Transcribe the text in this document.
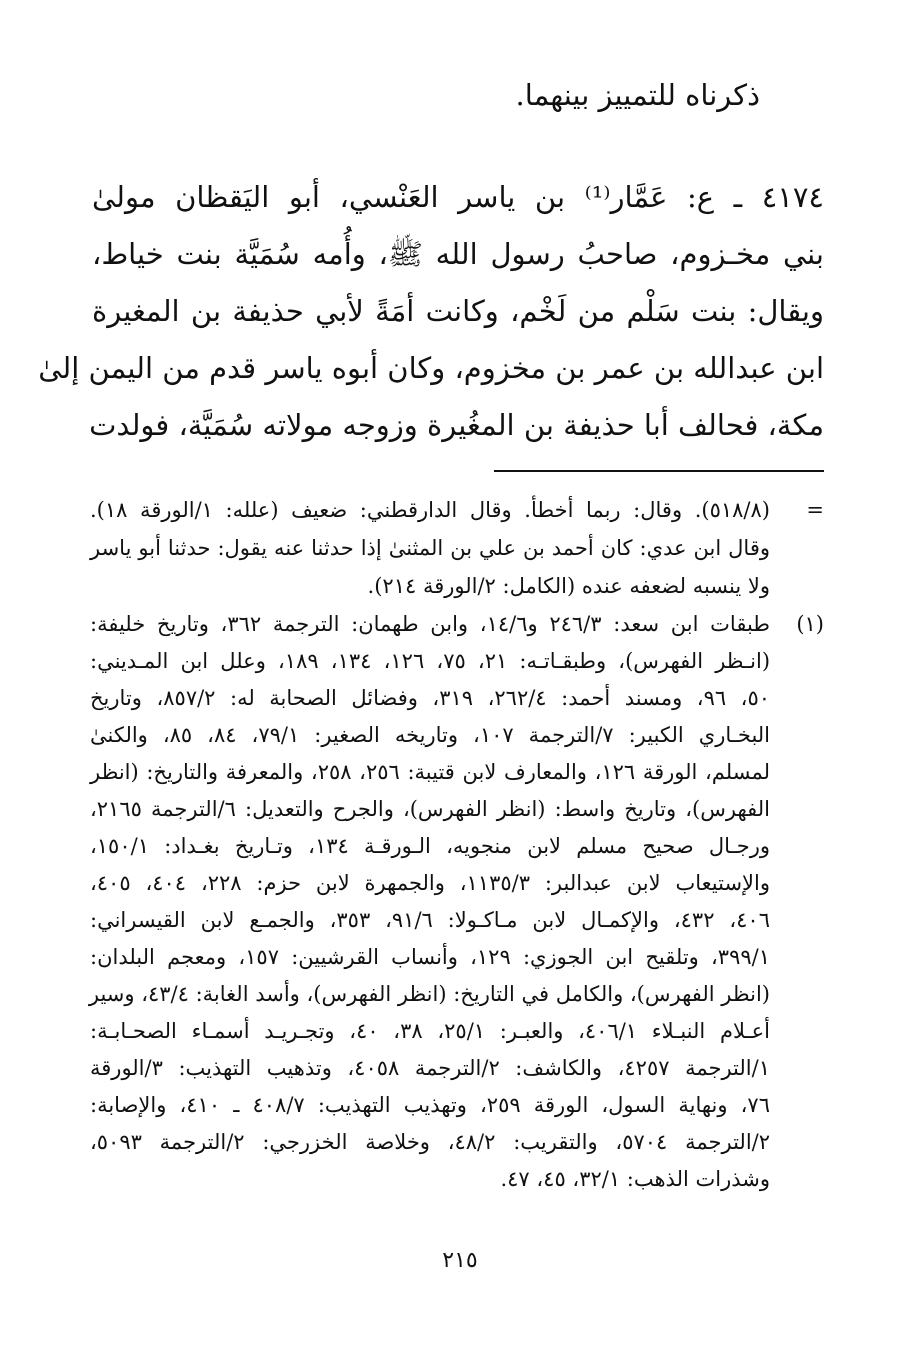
ذكرناه للتمييز بينهما.
٤١٧٤ ـ ع: عَمَّار⁽¹⁾ بن ياسر العَنْسي، أبو اليَقظان مولىٰ
بني مخـزوم، صاحبُ رسول الله ﷺ، وأُمه سُمَيَّة بنت خياط،
ويقال: بنت سَلْم من لَخْم، وكانت أمَةً لأبي حذيفة بن المغيرة
ابن عبدالله بن عمر بن مخزوم، وكان أبوه ياسر قدم من اليمن إلىٰ
مكة، فحالف أبا حذيفة بن المغُيرة وزوجه مولاته سُمَيَّة، فولدت
=
(٥١٨/٨). وقال: ربما أخطأ. وقال الدارقطني: ضعيف (علله: ١/الورقة ١٨).
وقال ابن عدي: كان أحمد بن علي بن المثنىٰ إذا حدثنا عنه يقول: حدثنا أبو ياسر
ولا ينسبه لضعفه عنده (الكامل: ٢/الورقة ٢١٤).
(١)
طبقات ابن سعد: ٢٤٦/٣ و١٤/٦، وابن طهمان: الترجمة ٣٦٢، وتاريخ خليفة:
(انـظر الفهرس)، وطبقـاتـه: ٢١، ٧٥، ١٢٦، ١٣٤، ١٨٩، وعلل ابن المـديني:
٥٠، ٩٦، ومسند أحمد: ٢٦٢/٤، ٣١٩، وفضائل الصحابة له: ٨٥٧/٢، وتاريخ
البخـاري الكبير: ٧/الترجمة ١٠٧، وتاريخه الصغير: ٧٩/١، ٨٤، ٨٥، والكنىٰ
لمسلم، الورقة ١٢٦، والمعارف لابن قتيبة: ٢٥٦، ٢٥٨، والمعرفة والتاريخ: (انظر
الفهرس)، وتاريخ واسط: (انظر الفهرس)، والجرح والتعديل: ٦/الترجمة ٢١٦٥،
ورجـال صحيح مسلم لابن منجويه، الـورقـة ١٣٤، وتـاريخ بغـداد: ١٥٠/١،
والإستيعاب لابن عبدالبر: ١١٣٥/٣، والجمهرة لابن حزم: ٢٢٨، ٤٠٤، ٤٠٥،
٤٠٦، ٤٣٢، والإكمـال لابن مـاكـولا: ٩١/٦، ٣٥٣، والجمـع لابن القيسراني:
٣٩٩/١، وتلقيح ابن الجوزي: ١٢٩، وأنساب القرشيين: ١٥٧، ومعجم البلدان:
(انظر الفهرس)، والكامل في التاريخ: (انظر الفهرس)، وأسد الغابة: ٤٣/٤، وسير
أعـلام النبـلاء ٤٠٦/١، والعبـر: ٢٥/١، ٣٨، ٤٠، وتجـريـد أسمـاء الصحـابـة:
١/الترجمة ٤٢٥٧، والكاشف: ٢/الترجمة ٤٠٥٨، وتذهيب التهذيب: ٣/الورقة
٧٦، ونهاية السول، الورقة ٢٥٩، وتهذيب التهذيب: ٤٠٨/٧ ـ ٤١٠، والإصابة:
٢/الترجمة ٥٧٠٤، والتقريب: ٤٨/٢، وخلاصة الخزرجي: ٢/الترجمة ٥٠٩٣،
وشذرات الذهب: ٣٢/١، ٤٥، ٤٧.
٢١٥
